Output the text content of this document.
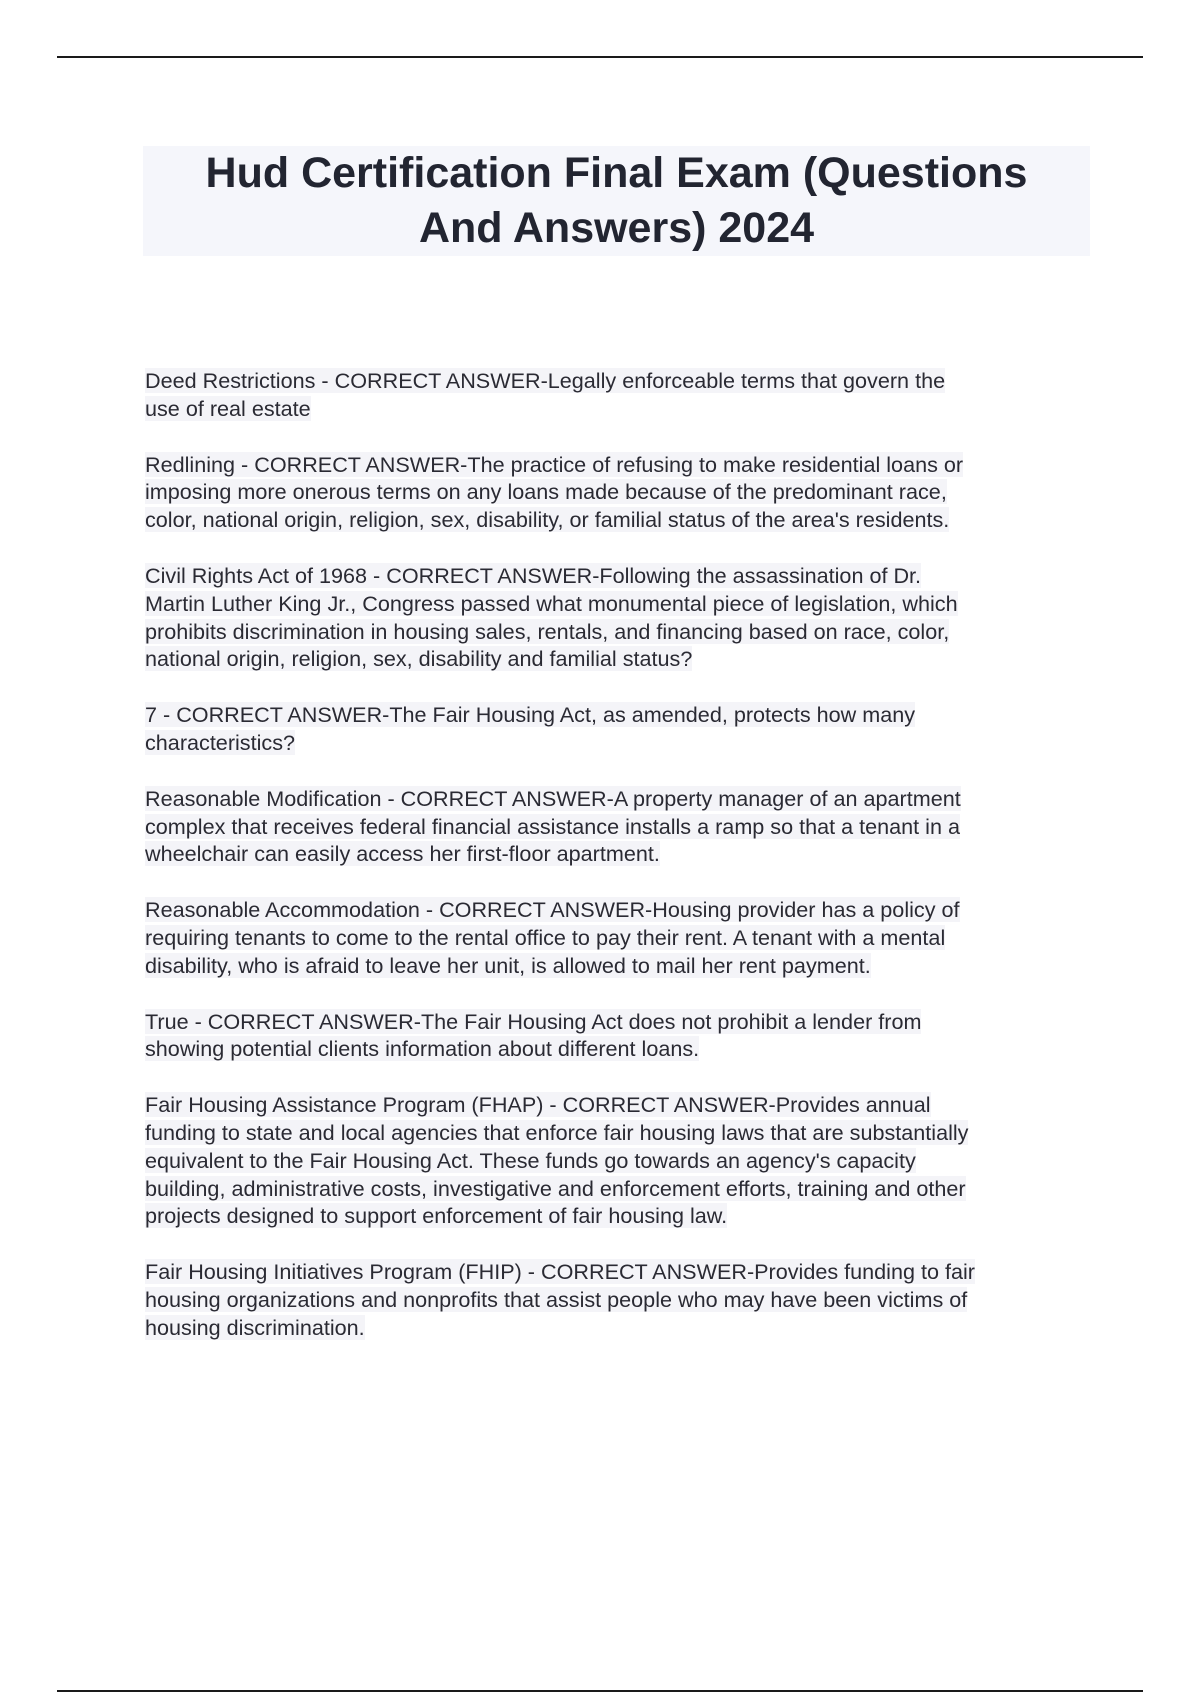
Hud Certification Final Exam (Questions
And Answers) 2024
Deed Restrictions - CORRECT ANSWER-Legally enforceable terms that govern the
use of real estate
Redlining - CORRECT ANSWER-The practice of refusing to make residential loans or
imposing more onerous terms on any loans made because of the predominant race,
color, national origin, religion, sex, disability, or familial status of the area's residents.
Civil Rights Act of 1968 - CORRECT ANSWER-Following the assassination of Dr.
Martin Luther King Jr., Congress passed what monumental piece of legislation, which
prohibits discrimination in housing sales, rentals, and financing based on race, color,
national origin, religion, sex, disability and familial status?
7 - CORRECT ANSWER-The Fair Housing Act, as amended, protects how many
characteristics?
Reasonable Modification - CORRECT ANSWER-A property manager of an apartment
complex that receives federal financial assistance installs a ramp so that a tenant in a
wheelchair can easily access her first-floor apartment.
Reasonable Accommodation - CORRECT ANSWER-Housing provider has a policy of
requiring tenants to come to the rental office to pay their rent. A tenant with a mental
disability, who is afraid to leave her unit, is allowed to mail her rent payment.
True - CORRECT ANSWER-The Fair Housing Act does not prohibit a lender from
showing potential clients information about different loans.
Fair Housing Assistance Program (FHAP) - CORRECT ANSWER-Provides annual
funding to state and local agencies that enforce fair housing laws that are substantially
equivalent to the Fair Housing Act. These funds go towards an agency's capacity
building, administrative costs, investigative and enforcement efforts, training and other
projects designed to support enforcement of fair housing law.
Fair Housing Initiatives Program (FHIP) - CORRECT ANSWER-Provides funding to fair
housing organizations and nonprofits that assist people who may have been victims of
housing discrimination.
